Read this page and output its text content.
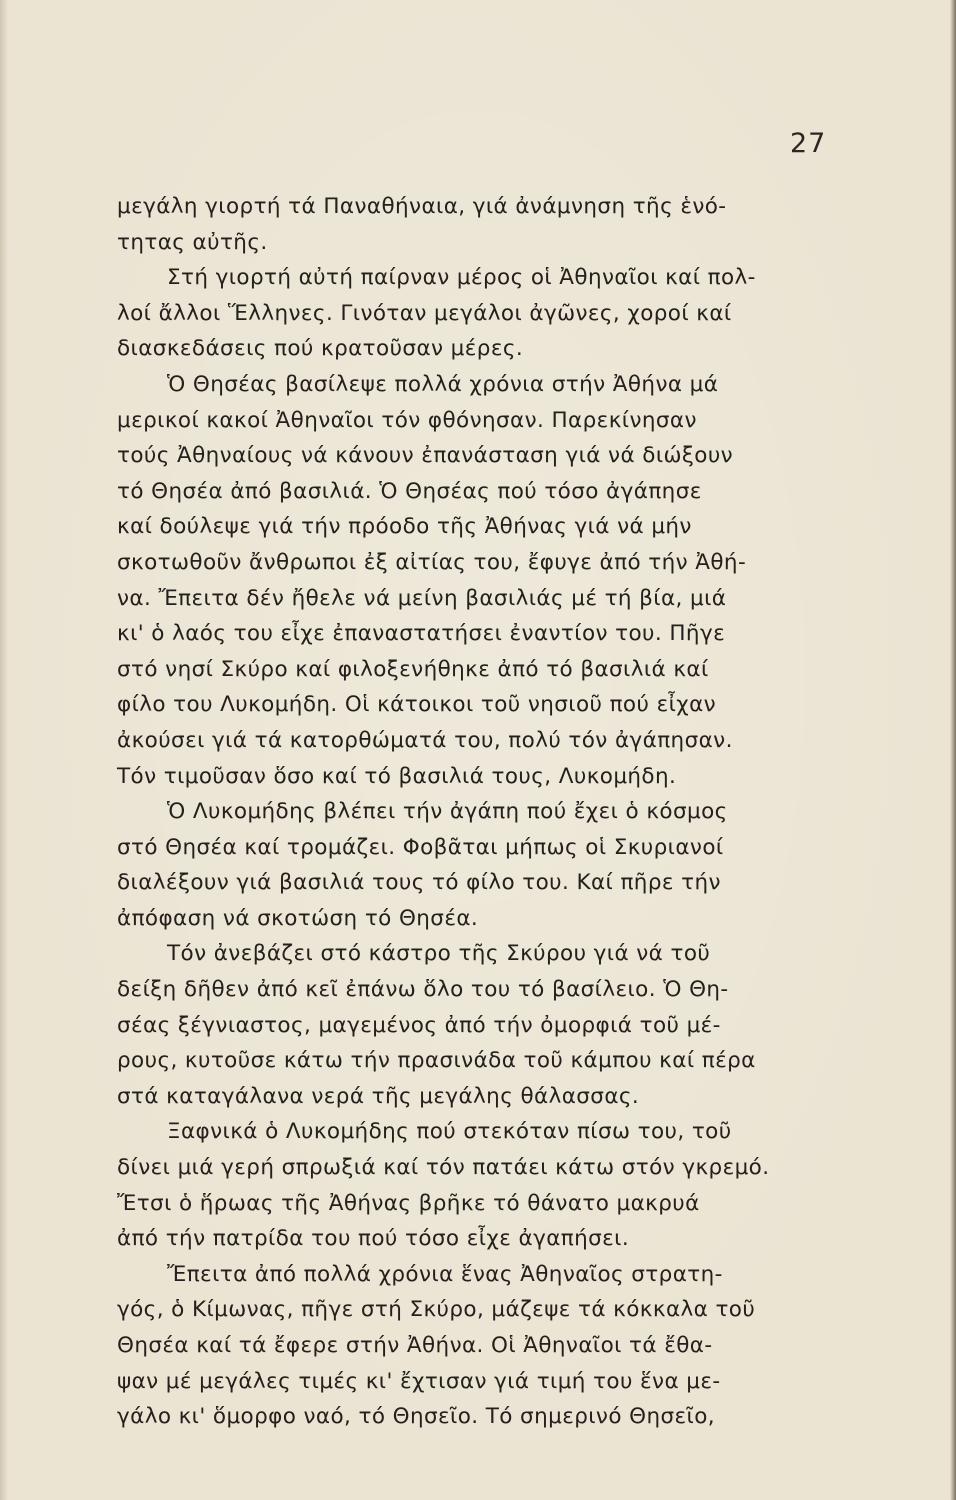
27
μεγάλη γιορτή τά Παναθήναια, γιά ἀνάμνηση τῆς ἑνό-
τητας αὐτῆς.
Στή γιορτή αὐτή παίρναν μέρος οἱ Ἀθηναῖοι καί πολ-
λοί ἄλλοι Ἕλληνες. Γινόταν μεγάλοι ἀγῶνες, χοροί καί
διασκεδάσεις πού κρατοῦσαν μέρες.
Ὁ Θησέας βασίλεψε πολλά χρόνια στήν Ἀθήνα μά
μερικοί κακοί Ἀθηναῖοι τόν φθόνησαν. Παρεκίνησαν
τούς Ἀθηναίους νά κάνουν ἐπανάσταση γιά νά διώξουν
τό Θησέα ἀπό βασιλιά. Ὁ Θησέας πού τόσο ἀγάπησε
καί δούλεψε γιά τήν πρόοδο τῆς Ἀθήνας γιά νά μήν
σκοτωθοῦν ἄνθρωποι ἐξ αἰτίας του, ἔφυγε ἀπό τήν Ἀθή-
να. Ἔπειτα δέν ἤθελε νά μείνη βασιλιάς μέ τή βία, μιά
κι' ὁ λαός του εἶχε ἐπαναστατήσει ἐναντίον του. Πῆγε
στό νησί Σκύρο καί φιλοξενήθηκε ἀπό τό βασιλιά καί
φίλο του Λυκομήδη. Οἱ κάτοικοι τοῦ νησιοῦ πού εἶχαν
ἀκούσει γιά τά κατορθώματά του, πολύ τόν ἀγάπησαν.
Τόν τιμοῦσαν ὅσο καί τό βασιλιά τους, Λυκομήδη.
Ὁ Λυκομήδης βλέπει τήν ἀγάπη πού ἔχει ὁ κόσμος
στό Θησέα καί τρομάζει. Φοβᾶται μήπως οἱ Σκυριανοί
διαλέξουν γιά βασιλιά τους τό φίλο του. Καί πῆρε τήν
ἀπόφαση νά σκοτώση τό Θησέα.
Τόν ἀνεβάζει στό κάστρο τῆς Σκύρου γιά νά τοῦ
δείξη δῆθεν ἀπό κεῖ ἐπάνω ὅλο του τό βασίλειο. Ὁ Θη-
σέας ξέγνιαστος, μαγεμένος ἀπό τήν ὀμορφιά τοῦ μέ-
ρους, κυτοῦσε κάτω τήν πρασινάδα τοῦ κάμπου καί πέρα
στά καταγάλανα νερά τῆς μεγάλης θάλασσας.
Ξαφνικά ὁ Λυκομήδης πού στεκόταν πίσω του, τοῦ
δίνει μιά γερή σπρωξιά καί τόν πατάει κάτω στόν γκρεμό.
Ἔτσι ὁ ἥρωας τῆς Ἀθήνας βρῆκε τό θάνατο μακρυά
ἀπό τήν πατρίδα του πού τόσο εἶχε ἀγαπήσει.
Ἔπειτα ἀπό πολλά χρόνια ἕνας Ἀθηναῖος στρατη-
γός, ὁ Κίμωνας, πῆγε στή Σκύρο, μάζεψε τά κόκκαλα τοῦ
Θησέα καί τά ἔφερε στήν Ἀθήνα. Οἱ Ἀθηναῖοι τά ἔθα-
ψαν μέ μεγάλες τιμές κι' ἔχτισαν γιά τιμή του ἕνα με-
γάλο κι' ὅμορφο ναό, τό Θησεῖο. Τό σημερινό Θησεῖο,
